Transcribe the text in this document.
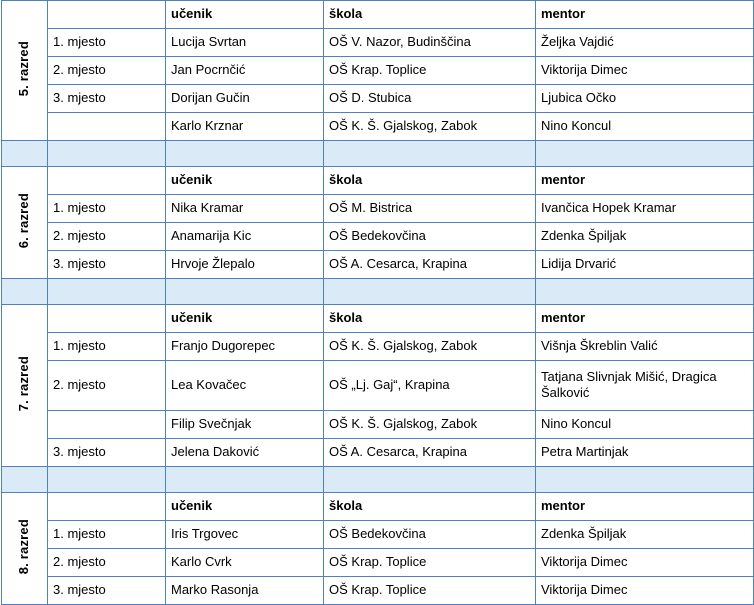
5. razred		učenik	škola	mentor
	1. mjesto	Lucija Svrtan	OŠ V. Nazor, Budinščina	Željka Vajdić
	2. mjesto	Jan Pocrnčić	OŠ Krap. Toplice	Viktorija Dimec
	3. mjesto	Dorijan Gučin	OŠ D. Stubica	Ljubica Očko
		Karlo Krznar	OŠ K. Š. Gjalskog, Zabok	Nino Koncul

6. razred		učenik	škola	mentor
	1. mjesto	Nika Kramar	OŠ M. Bistrica	Ivančica Hopek Kramar
	2. mjesto	Anamarija Kic	OŠ Bedekovčina	Zdenka Špiljak
	3. mjesto	Hrvoje Žlepalo	OŠ A. Cesarca, Krapina	Lidija Drvarić

7. razred		učenik	škola	mentor
	1. mjesto	Franjo Dugorepec	OŠ K. Š. Gjalskog, Zabok	Višnja Škreblin Valić
	2. mjesto	Lea Kovačec	OŠ „Lj. Gaj“, Krapina	Tatjana Slivnjak Mišić, Dragica Šalković
		Filip Svečnjak	OŠ K. Š. Gjalskog, Zabok	Nino Koncul
	3. mjesto	Jelena Daković	OŠ A. Cesarca, Krapina	Petra Martinjak

8. razred		učenik	škola	mentor
	1. mjesto	Iris Trgovec	OŠ Bedekovčina	Zdenka Špiljak
	2. mjesto	Karlo Cvrk	OŠ Krap. Toplice	Viktorija Dimec
	3. mjesto	Marko Rasonja	OŠ Krap. Toplice	Viktorija Dimec
